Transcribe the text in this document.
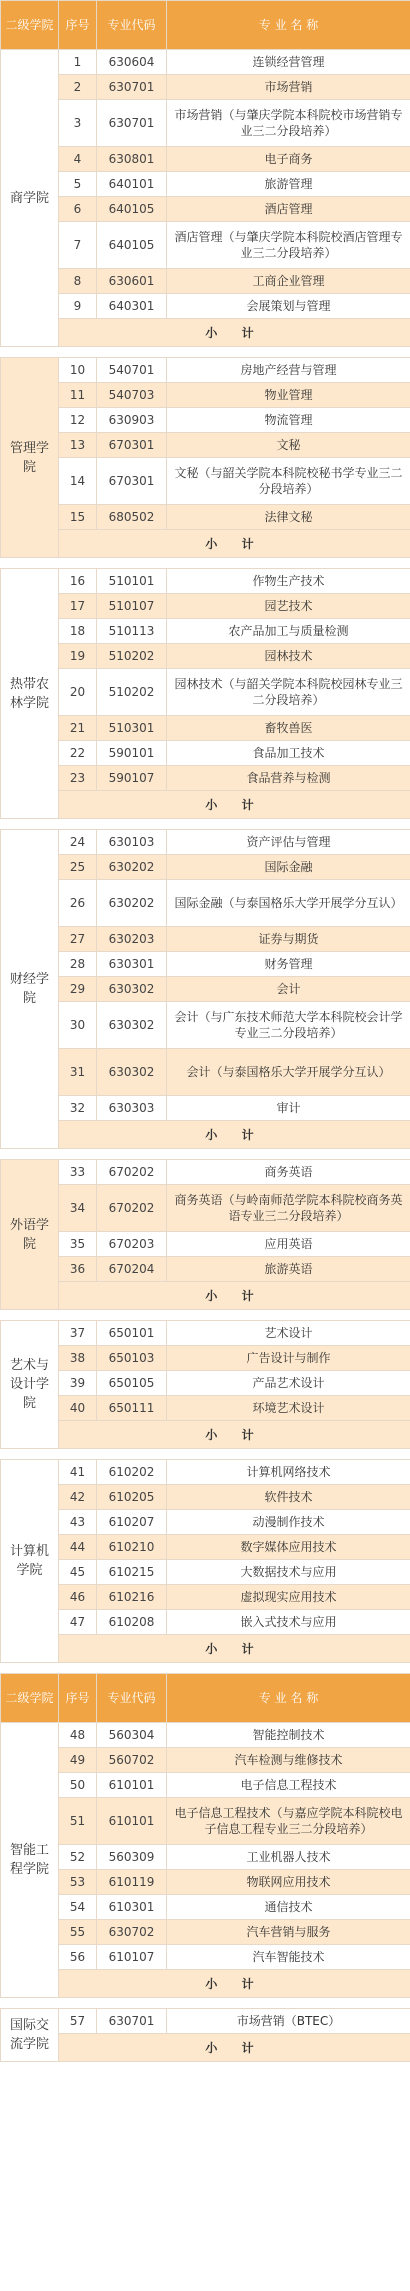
二级学院	序号	专业代码	专 业 名 称
商学院	1	630604	连锁经营管理
	2	630701	市场营销
	3	630701	市场营销（与肇庆学院本科院校市场营销专业三二分段培养）
	4	630801	电子商务
	5	640101	旅游管理
	6	640105	酒店管理
	7	640105	酒店管理（与肇庆学院本科院校酒店管理专业三二分段培养）
	8	630601	工商企业管理
	9	640301	会展策划与管理
	小 计		

管理学院	10	540701	房地产经营与管理
	11	540703	物业管理
	12	630903	物流管理
	13	670301	文秘
	14	670301	文秘（与韶关学院本科院校秘书学专业三二分段培养）
	15	680502	法律文秘
	小 计		

热带农林学院	16	510101	作物生产技术
	17	510107	园艺技术
	18	510113	农产品加工与质量检测
	19	510202	园林技术
	20	510202	园林技术（与韶关学院本科院校园林专业三二分段培养）
	21	510301	畜牧兽医
	22	590101	食品加工技术
	23	590107	食品营养与检测
	小 计		

财经学院	24	630103	资产评估与管理
	25	630202	国际金融
	26	630202	国际金融（与泰国格乐大学开展学分互认）
	27	630203	证券与期货
	28	630301	财务管理
	29	630302	会计
	30	630302	会计（与广东技术师范大学本科院校会计学专业三二分段培养）
	31	630302	会计（与泰国格乐大学开展学分互认）
	32	630303	审计
	小 计		

外语学院	33	670202	商务英语
	34	670202	商务英语（与岭南师范学院本科院校商务英语专业三二分段培养）
	35	670203	应用英语
	36	670204	旅游英语
	小 计		

艺术与设计学院	37	650101	艺术设计
	38	650103	广告设计与制作
	39	650105	产品艺术设计
	40	650111	环境艺术设计
	小 计		

计算机学院	41	610202	计算机网络技术
	42	610205	软件技术
	43	610207	动漫制作技术
	44	610210	数字媒体应用技术
	45	610215	大数据技术与应用
	46	610216	虚拟现实应用技术
	47	610208	嵌入式技术与应用
	小 计		

二级学院	序号	专业代码	专 业 名 称
智能工程学院	48	560304	智能控制技术
	49	560702	汽车检测与维修技术
	50	610101	电子信息工程技术
	51	610101	电子信息工程技术（与嘉应学院本科院校电子信息工程专业三二分段培养）
	52	560309	工业机器人技术
	53	610119	物联网应用技术
	54	610301	通信技术
	55	630702	汽车营销与服务
	56	610107	汽车智能技术
	小 计		

国际交流学院	57	630701	市场营销（BTEC）
	小 计		
